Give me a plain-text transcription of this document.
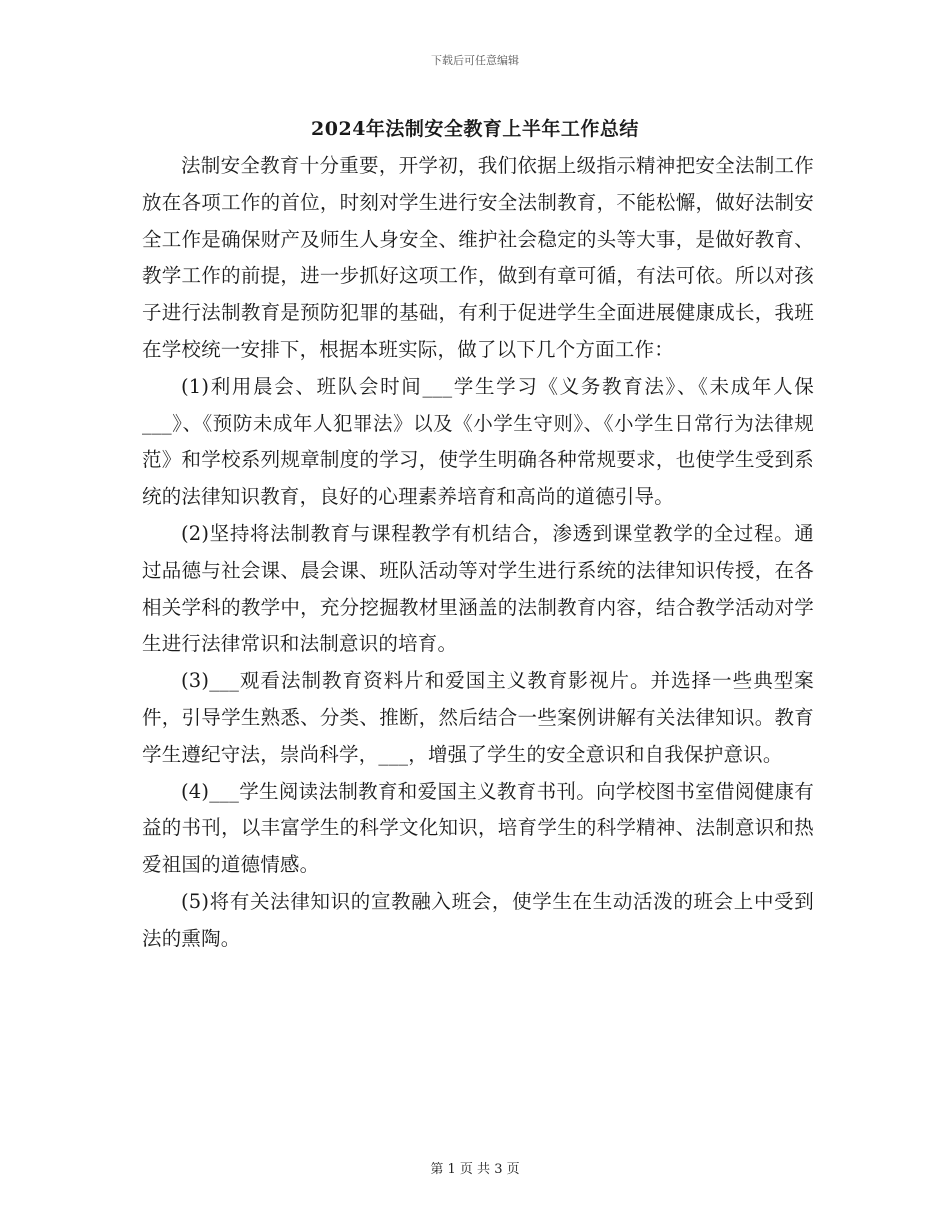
下载后可任意编辑
2024年法制安全教育上半年工作总结

法制安全教育十分重要，开学初，我们依据上级指示精神把安全法制工作放在各项工作的首位，时刻对学生进行安全法制教育，不能松懈，做好法制安全工作是确保财产及师生人身安全、维护社会稳定的头等大事，是做好教育、教学工作的前提，进一步抓好这项工作，做到有章可循，有法可依。所以对孩子进行法制教育是预防犯罪的基础，有利于促进学生全面进展健康成长，我班在学校统一安排下，根据本班实际，做了以下几个方面工作：

(1)利用晨会、班队会时间___学生学习《义务教育法》、《未成年人保___》、《预防未成年人犯罪法》以及《小学生守则》、《小学生日常行为法律规范》和学校系列规章制度的学习，使学生明确各种常规要求，也使学生受到系统的法律知识教育，良好的心理素养培育和高尚的道德引导。

(2)坚持将法制教育与课程教学有机结合，渗透到课堂教学的全过程。通过品德与社会课、晨会课、班队活动等对学生进行系统的法律知识传授，在各相关学科的教学中，充分挖掘教材里涵盖的法制教育内容，结合教学活动对学生进行法律常识和法制意识的培育。

(3)___观看法制教育资料片和爱国主义教育影视片。并选择一些典型案件，引导学生熟悉、分类、推断，然后结合一些案例讲解有关法律知识。教育学生遵纪守法，崇尚科学，___，增强了学生的安全意识和自我保护意识。

(4)___学生阅读法制教育和爱国主义教育书刊。向学校图书室借阅健康有益的书刊，以丰富学生的科学文化知识，培育学生的科学精神、法制意识和热爱祖国的道德情感。

(5)将有关法律知识的宣教融入班会，使学生在生动活泼的班会上中受到法的熏陶。

第 1 页 共 3 页
